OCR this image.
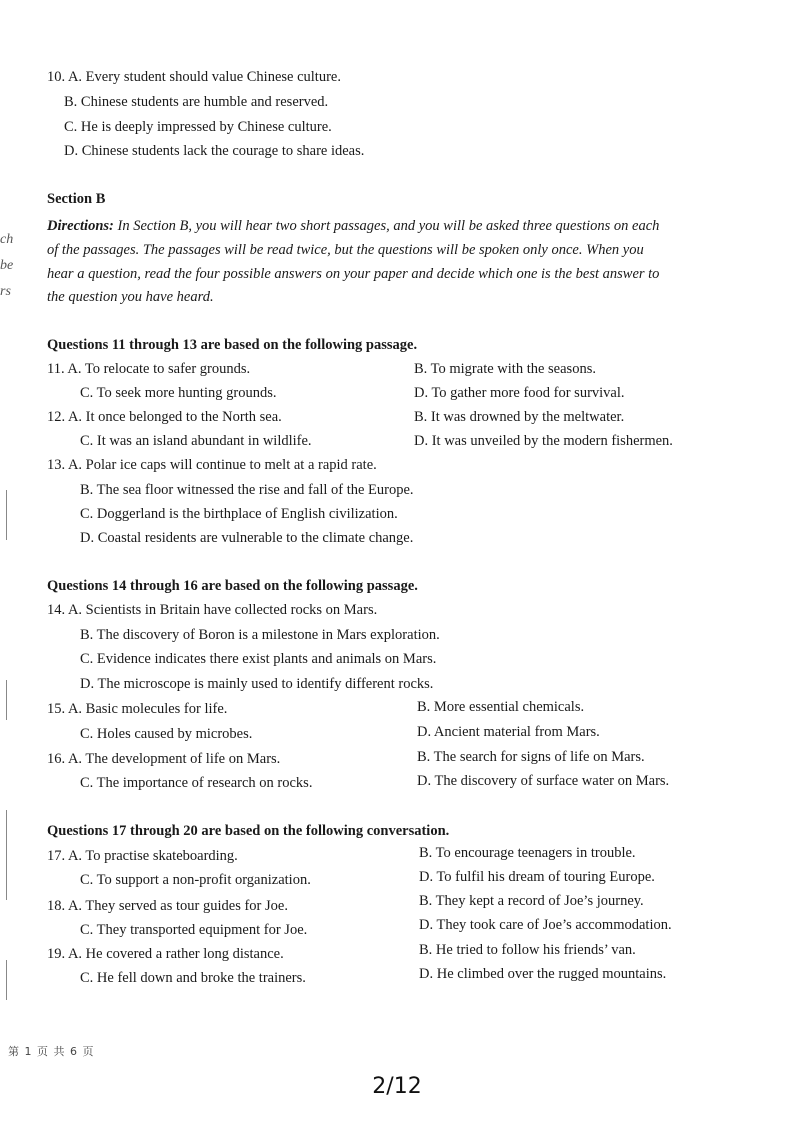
10. A. Every student should value Chinese culture.
B. Chinese students are humble and reserved.
C. He is deeply impressed by Chinese culture.
D. Chinese students lack the courage to share ideas.
Section B
Directions: In Section B, you will hear two short passages, and you will be asked three questions on each
of the passages. The passages will be read twice, but the questions will be spoken only once. When you
hear a question, read the four possible answers on your paper and decide which one is the best answer to
the question you have heard.
ch
be
rs
Questions 11 through 13 are based on the following passage.
11. A. To relocate to safer grounds.	B. To migrate with the seasons.
C. To seek more hunting grounds.	D. To gather more food for survival.
12. A. It once belonged to the North sea.	B. It was drowned by the meltwater.
C. It was an island abundant in wildlife.	D. It was unveiled by the modern fishermen.
13. A. Polar ice caps will continue to melt at a rapid rate.
B. The sea floor witnessed the rise and fall of the Europe.
C. Doggerland is the birthplace of English civilization.
D. Coastal residents are vulnerable to the climate change.
Questions 14 through 16 are based on the following passage.
14. A. Scientists in Britain have collected rocks on Mars.
B. The discovery of Boron is a milestone in Mars exploration.
C. Evidence indicates there exist plants and animals on Mars.
D. The microscope is mainly used to identify different rocks.
15. A. Basic molecules for life.	B. More essential chemicals.
C. Holes caused by microbes.	D. Ancient material from Mars.
16. A. The development of life on Mars.	B. The search for signs of life on Mars.
C. The importance of research on rocks.	D. The discovery of surface water on Mars.
Questions 17 through 20 are based on the following conversation.
17. A. To practise skateboarding.	B. To encourage teenagers in trouble.
C. To support a non-profit organization.	D. To fulfil his dream of touring Europe.
18. A. They served as tour guides for Joe.	B. They kept a record of Joe’s journey.
C. They transported equipment for Joe.	D. They took care of Joe’s accommodation.
19. A. He covered a rather long distance.	B. He tried to follow his friends’ van.
C. He fell down and broke the trainers.	D. He climbed over the rugged mountains.
第 1 页 共 6 页
2/12
